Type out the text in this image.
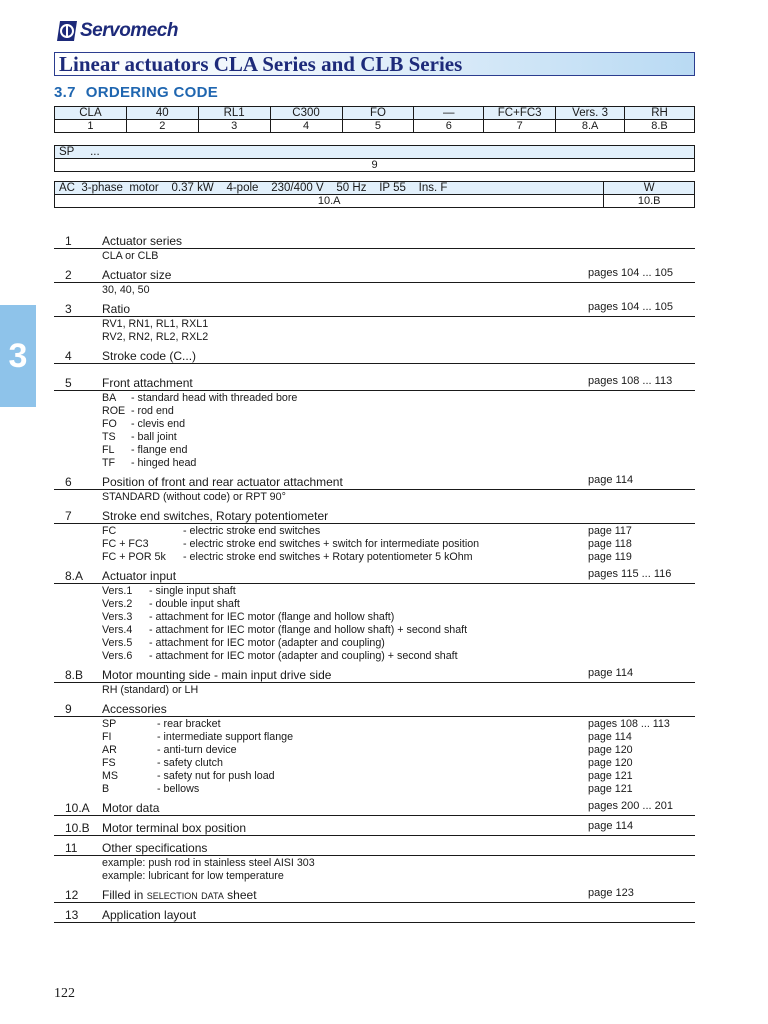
Servomech
Linear actuators CLA Series and CLB Series
3.7 ORDERING CODE
CLA	40	RL1	C300	FO	—	FC+FC3	Vers. 3	RH
1	2	3	4	5	6	7	8.A	8.B
SP     ...
9
AC  3-phase  motor    0.37 kW    4-pole    230/400 V    50 Hz    IP 55    Ins. F	W
10.A	10.B
3
1	Actuator series
CLA or CLB
2	Actuator size	pages 104 ... 105
30, 40, 50
3	Ratio	pages 104 ... 105
RV1, RN1, RL1, RXL1
RV2, RN2, RL2, RXL2
4	Stroke code (C...)
5	Front attachment	pages 108 ... 113
BA - standard head with threaded bore
ROE - rod end
FO - clevis end
TS - ball joint
FL - flange end
TF - hinged head
6	Position of front and rear actuator attachment	page 114
STANDARD (without code) or RPT 90°
7	Stroke end switches, Rotary potentiometer
FC	- electric stroke end switches	page 117
FC + FC3	- electric stroke end switches + switch for intermediate position	page 118
FC + POR 5k - electric stroke end switches + Rotary potentiometer 5 kOhm	page 119
8.A	Actuator input	pages 115 ... 116
Vers.1 - single input shaft
Vers.2 - double input shaft
Vers.3 - attachment for IEC motor (flange and hollow shaft)
Vers.4 - attachment for IEC motor (flange and hollow shaft) + second shaft
Vers.5 - attachment for IEC motor (adapter and coupling)
Vers.6 - attachment for IEC motor (adapter and coupling) + second shaft
8.B	Motor mounting side - main input drive side	page 114
RH (standard) or LH
9	Accessories
SP	- rear bracket	pages 108 ... 113
FI	- intermediate support flange	page 114
AR	- anti-turn device	page 120
FS	- safety clutch	page 120
MS	- safety nut for push load	page 121
B	- bellows	page 121
10.A	Motor data	pages 200 ... 201
10.B	Motor terminal box position	page 114
11	Other specifications
example: push rod in stainless steel AISI 303
example: lubricant for low temperature
12	Filled in selection data sheet	page 123
13	Application layout
122
